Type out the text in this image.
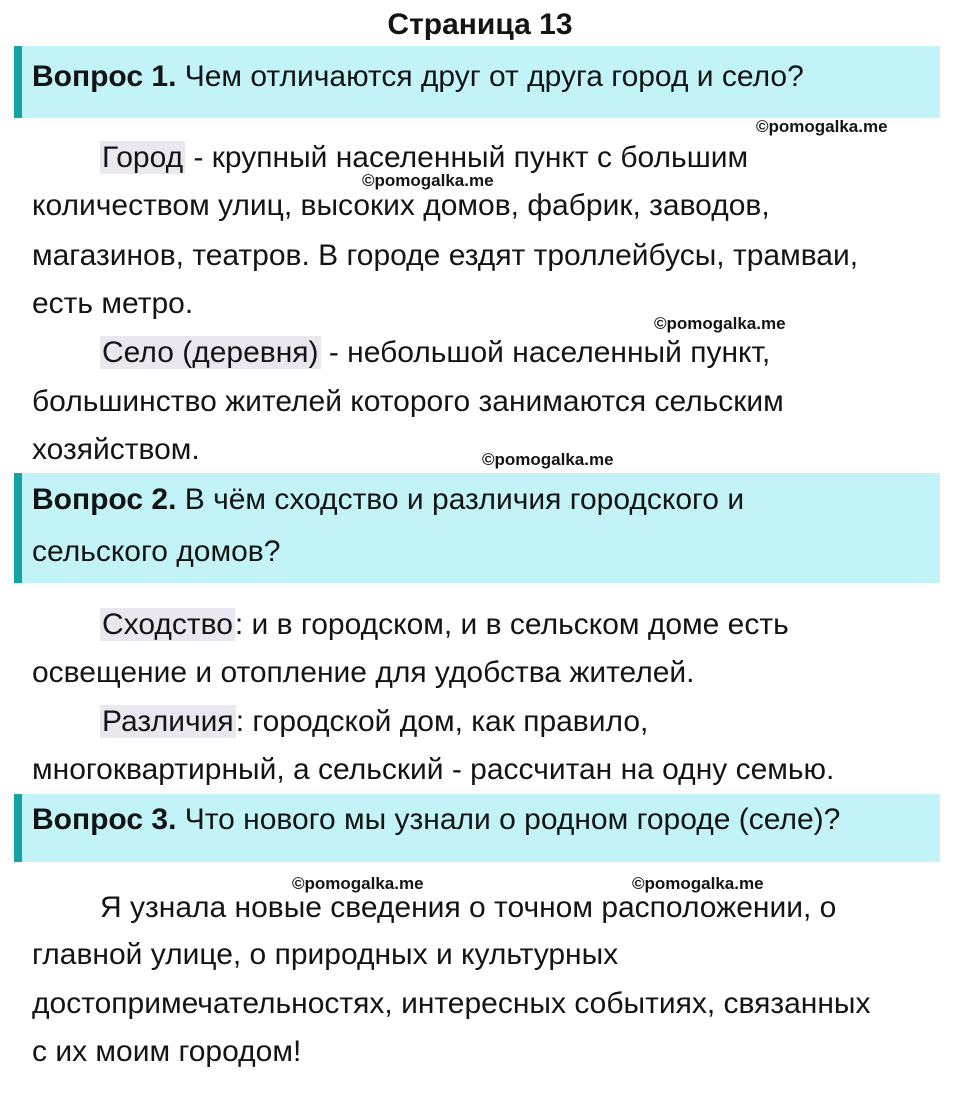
Страница 13

Вопрос 1. Чем отличаются друг от друга город и село?

©pomogalka.me
Город - крупный населенный пункт с большим
©pomogalka.me
количеством улиц, высоких домов, фабрик, заводов,
магазинов, театров. В городе ездят троллейбусы, трамваи,
есть метро.
©pomogalka.me
Село (деревня) - небольшой населенный пункт,
большинство жителей которого занимаются сельским
хозяйством.	©pomogalka.me

Вопрос 2. В чём сходство и различия городского и
сельского домов?

Сходство: и в городском, и в сельском доме есть
освещение и отопление для удобства жителей.
Различия: городской дом, как правило,
многоквартирный, а сельский - рассчитан на одну семью.

Вопрос 3. Что нового мы узнали о родном городе (селе)?

©pomogalka.me	©pomogalka.me
Я узнала новые сведения о точном расположении, о
главной улице, о природных и культурных
достопримечательностях, интересных событиях, связанных
с их моим городом!
